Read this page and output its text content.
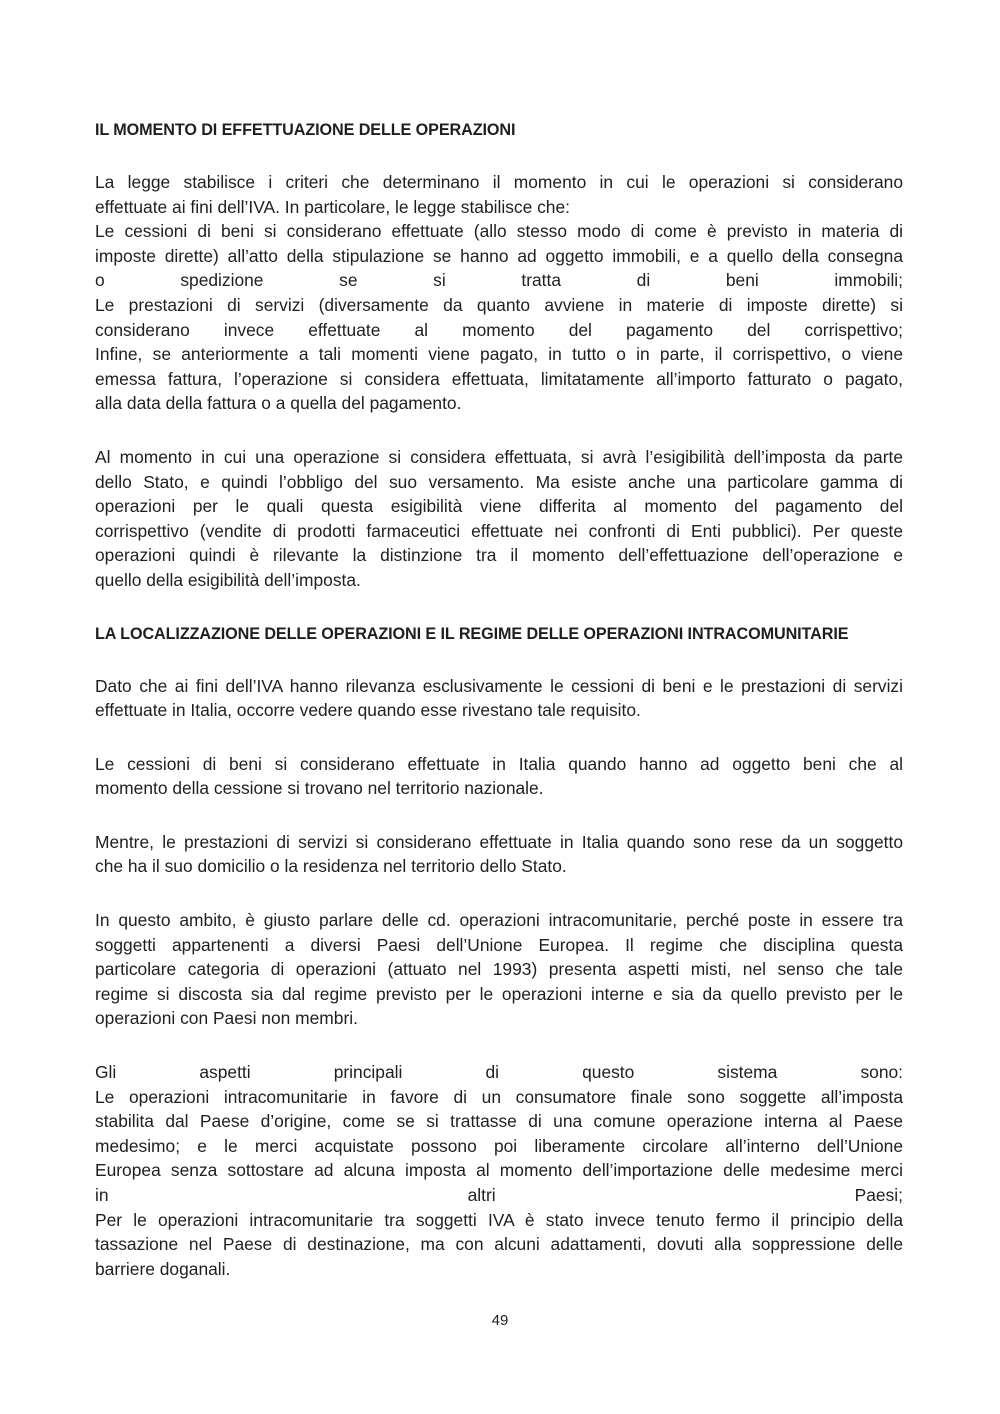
IL MOMENTO DI EFFETTUAZIONE DELLE OPERAZIONI

La legge stabilisce i criteri che determinano il momento in cui le operazioni si considerano
effettuate ai fini dell’IVA. In particolare, le legge stabilisce che:
Le cessioni di beni si considerano effettuate (allo stesso modo di come è previsto in materia di
imposte dirette) all’atto della stipulazione se hanno ad oggetto immobili, e a quello della consegna
o spedizione se si tratta di beni immobili;
Le prestazioni di servizi (diversamente da quanto avviene in materie di imposte dirette) si
considerano invece effettuate al momento del pagamento del corrispettivo;
Infine, se anteriormente a tali momenti viene pagato, in tutto o in parte, il corrispettivo, o viene
emessa fattura, l’operazione si considera effettuata, limitatamente all’importo fatturato o pagato,
alla data della fattura o a quella del pagamento.

Al momento in cui una operazione si considera effettuata, si avrà l’esigibilità dell’imposta da parte
dello Stato, e quindi l’obbligo del suo versamento. Ma esiste anche una particolare gamma di
operazioni per le quali questa esigibilità viene differita al momento del pagamento del
corrispettivo (vendite di prodotti farmaceutici effettuate nei confronti di Enti pubblici). Per queste
operazioni quindi è rilevante la distinzione tra il momento dell’effettuazione dell’operazione e
quello della esigibilità dell’imposta.

LA LOCALIZZAZIONE DELLE OPERAZIONI E IL REGIME DELLE OPERAZIONI INTRACOMUNITARIE

Dato che ai fini dell’IVA hanno rilevanza esclusivamente le cessioni di beni e le prestazioni di servizi
effettuate in Italia, occorre vedere quando esse rivestano tale requisito.

Le cessioni di beni si considerano effettuate in Italia quando hanno ad oggetto beni che al
momento della cessione si trovano nel territorio nazionale.

Mentre, le prestazioni di servizi si considerano effettuate in Italia quando sono rese da un soggetto
che ha il suo domicilio o la residenza nel territorio dello Stato.

In questo ambito, è giusto parlare delle cd. operazioni intracomunitarie, perché poste in essere tra
soggetti appartenenti a diversi Paesi dell’Unione Europea. Il regime che disciplina questa
particolare categoria di operazioni (attuato nel 1993) presenta aspetti misti, nel senso che tale
regime si discosta sia dal regime previsto per le operazioni interne e sia da quello previsto per le
operazioni con Paesi non membri.

Gli aspetti principali di questo sistema sono:
Le operazioni intracomunitarie in favore di un consumatore finale sono soggette all’imposta
stabilita dal Paese d’origine, come se si trattasse di una comune operazione interna al Paese
medesimo; e le merci acquistate possono poi liberamente circolare all’interno dell’Unione
Europea senza sottostare ad alcuna imposta al momento dell’importazione delle medesime merci
in altri Paesi;
Per le operazioni intracomunitarie tra soggetti IVA è stato invece tenuto fermo il principio della
tassazione nel Paese di destinazione, ma con alcuni adattamenti, dovuti alla soppressione delle
barriere doganali.

49
